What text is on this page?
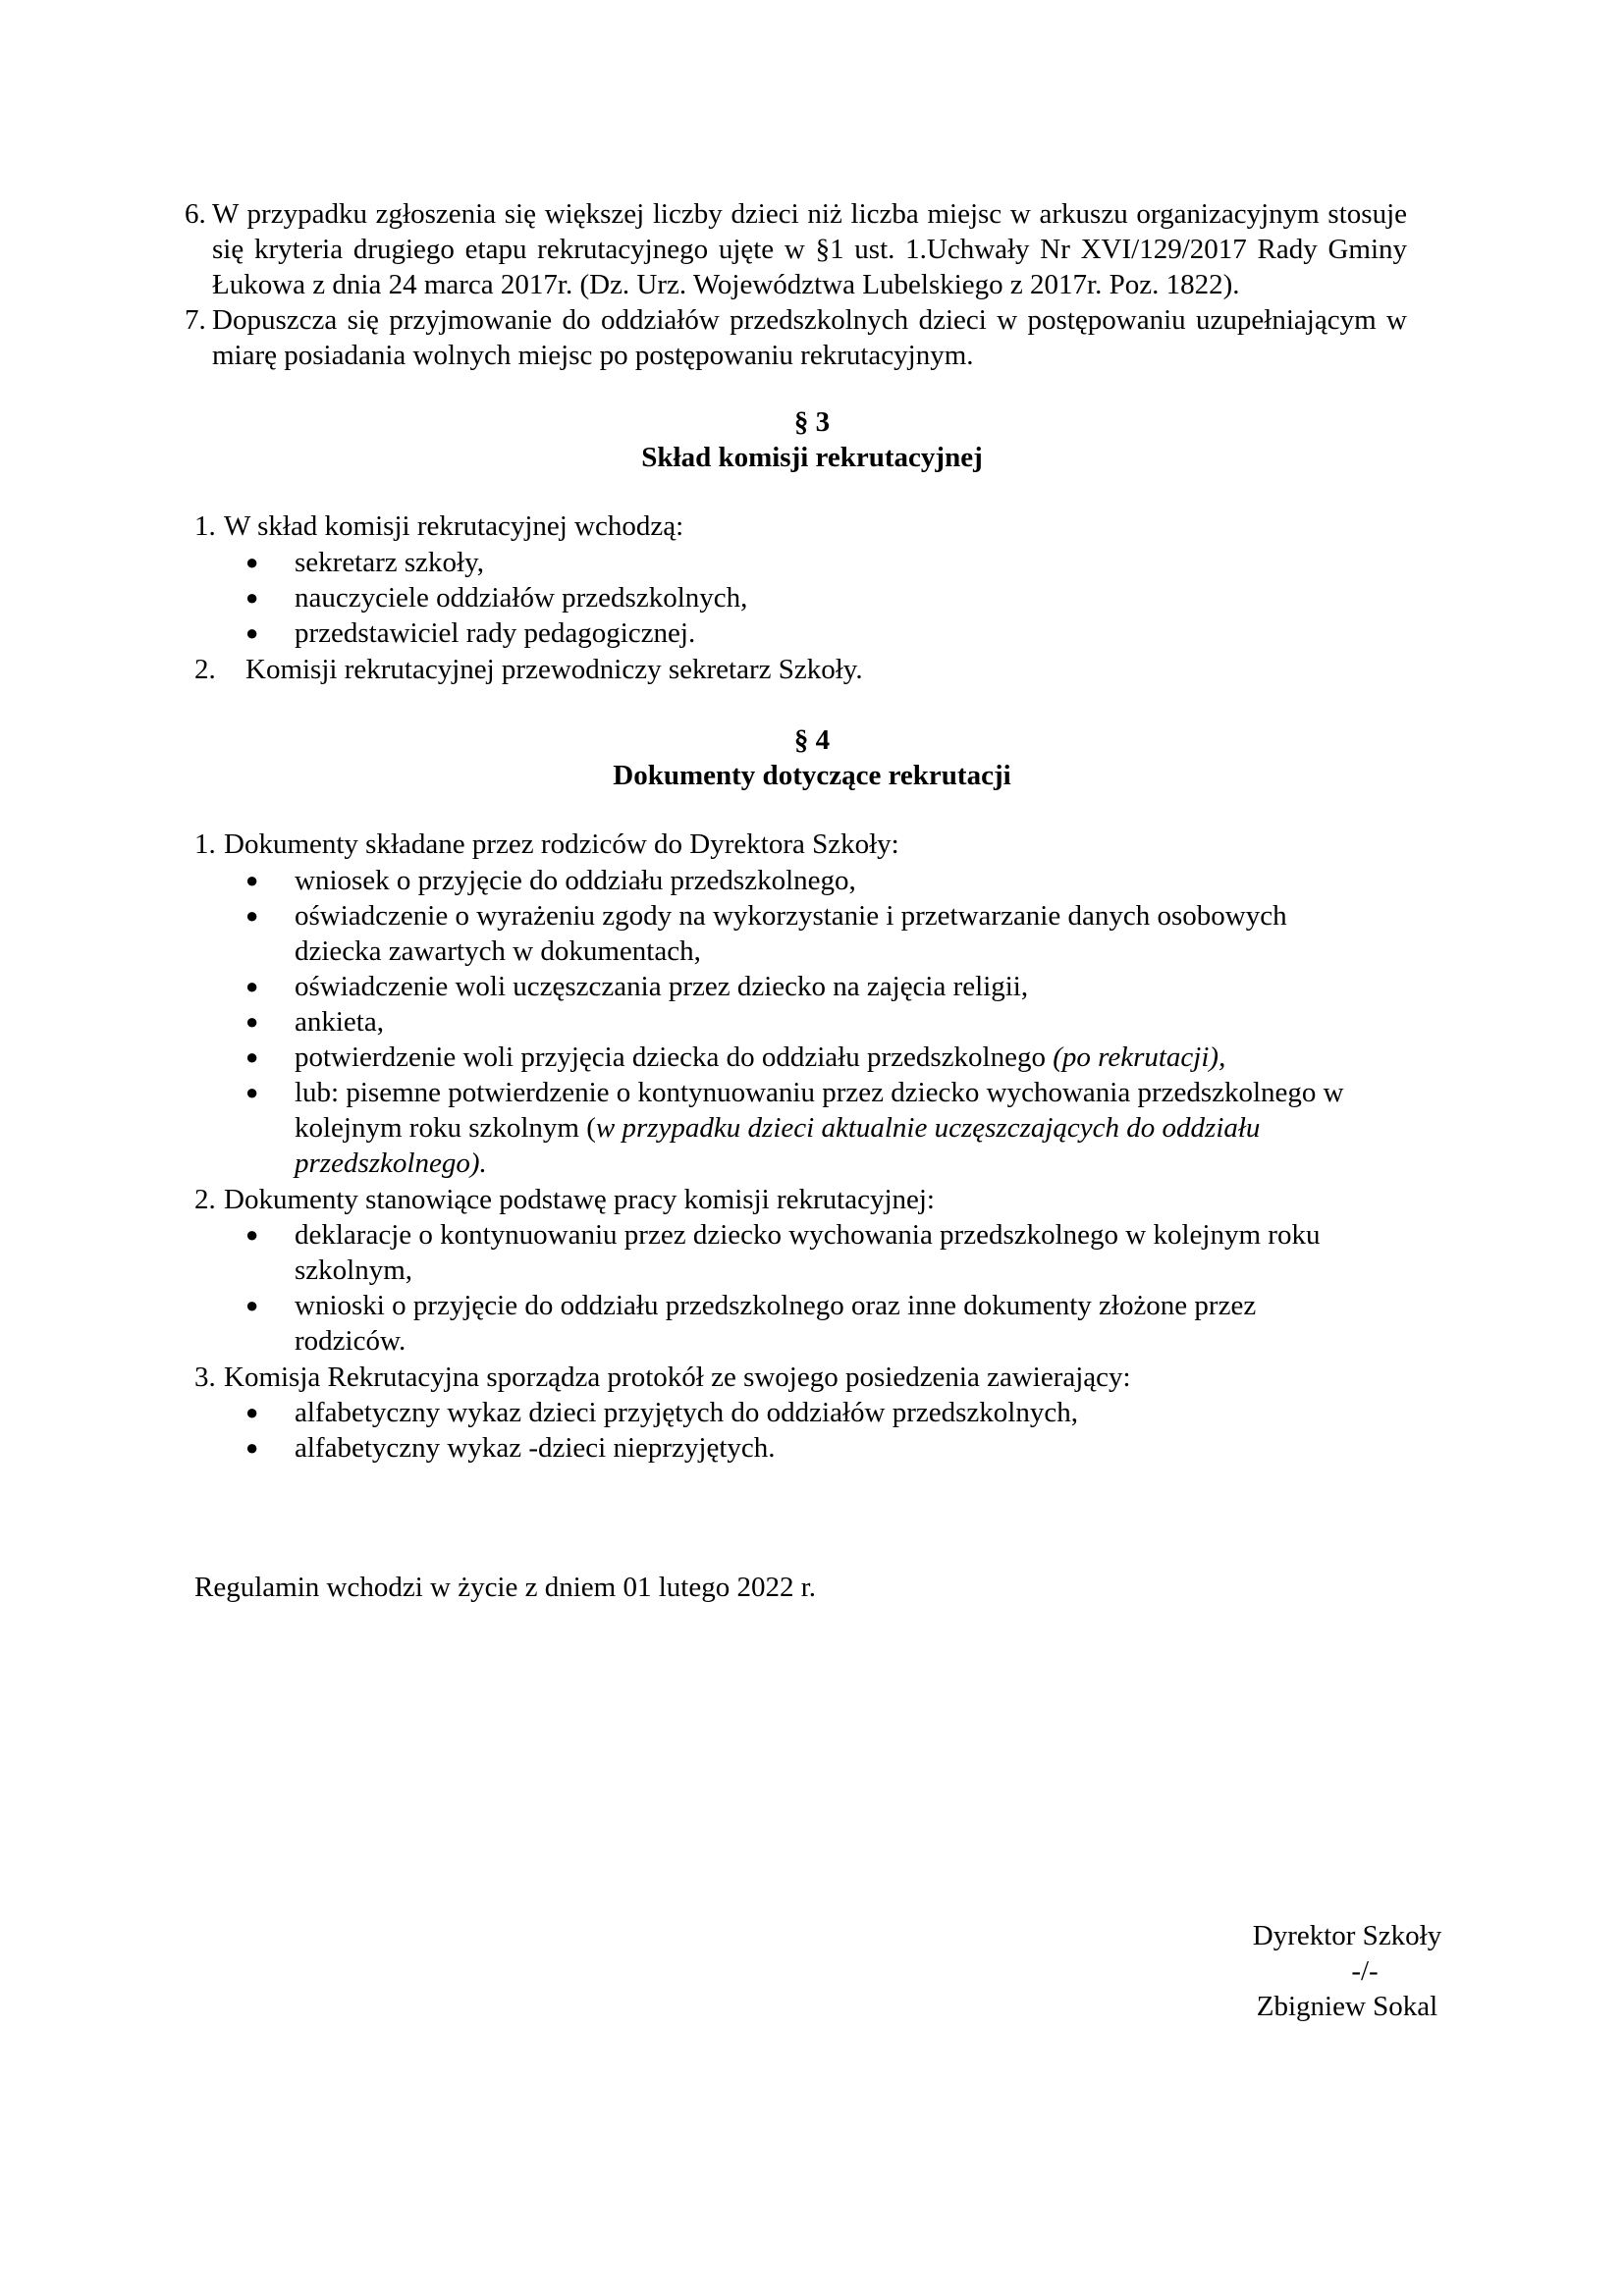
6. W przypadku zgłoszenia się większej liczby dzieci niż liczba miejsc w arkuszu organizacyjnym stosuje się kryteria drugiego etapu rekrutacyjnego ujęte w §1 ust. 1.Uchwały Nr XVI/129/2017 Rady Gminy Łukowa z dnia 24 marca 2017r. (Dz. Urz. Województwa Lubelskiego z 2017r. Poz. 1822).
7. Dopuszcza się przyjmowanie do oddziałów przedszkolnych dzieci w postępowaniu uzupełniającym w miarę posiadania wolnych miejsc po postępowaniu rekrutacyjnym.
§ 3
Skład komisji rekrutacyjnej
1. W skład komisji rekrutacyjnej wchodzą:
●	sekretarz szkoły,
●	nauczyciele oddziałów przedszkolnych,
●	przedstawiciel rady pedagogicznej.
2. Komisji rekrutacyjnej przewodniczy sekretarz Szkoły.
§ 4
Dokumenty dotyczące rekrutacji
1. Dokumenty składane przez rodziców do Dyrektora Szkoły:
●	wniosek o przyjęcie do oddziału przedszkolnego,
●	oświadczenie o wyrażeniu zgody na wykorzystanie i przetwarzanie danych osobowych dziecka zawartych w dokumentach,
●	oświadczenie woli uczęszczania przez dziecko na zajęcia religii,
●	ankieta,
●	potwierdzenie woli przyjęcia dziecka do oddziału przedszkolnego (po rekrutacji),
●	lub: pisemne potwierdzenie o kontynuowaniu przez dziecko wychowania przedszkolnego w kolejnym roku szkolnym (w przypadku dzieci aktualnie uczęszczających do oddziału przedszkolnego).
2. Dokumenty stanowiące podstawę pracy komisji rekrutacyjnej:
●	deklaracje o kontynuowaniu przez dziecko wychowania przedszkolnego w kolejnym roku szkolnym,
●	wnioski o przyjęcie do oddziału przedszkolnego oraz inne dokumenty złożone przez rodziców.
3. Komisja Rekrutacyjna sporządza protokół ze swojego posiedzenia zawierający:
●	alfabetyczny wykaz dzieci przyjętych do oddziałów przedszkolnych,
●	alfabetyczny wykaz -dzieci nieprzyjętych.
Regulamin wchodzi w życie z dniem 01 lutego 2022 r.
Dyrektor Szkoły
-/-
Zbigniew Sokal
